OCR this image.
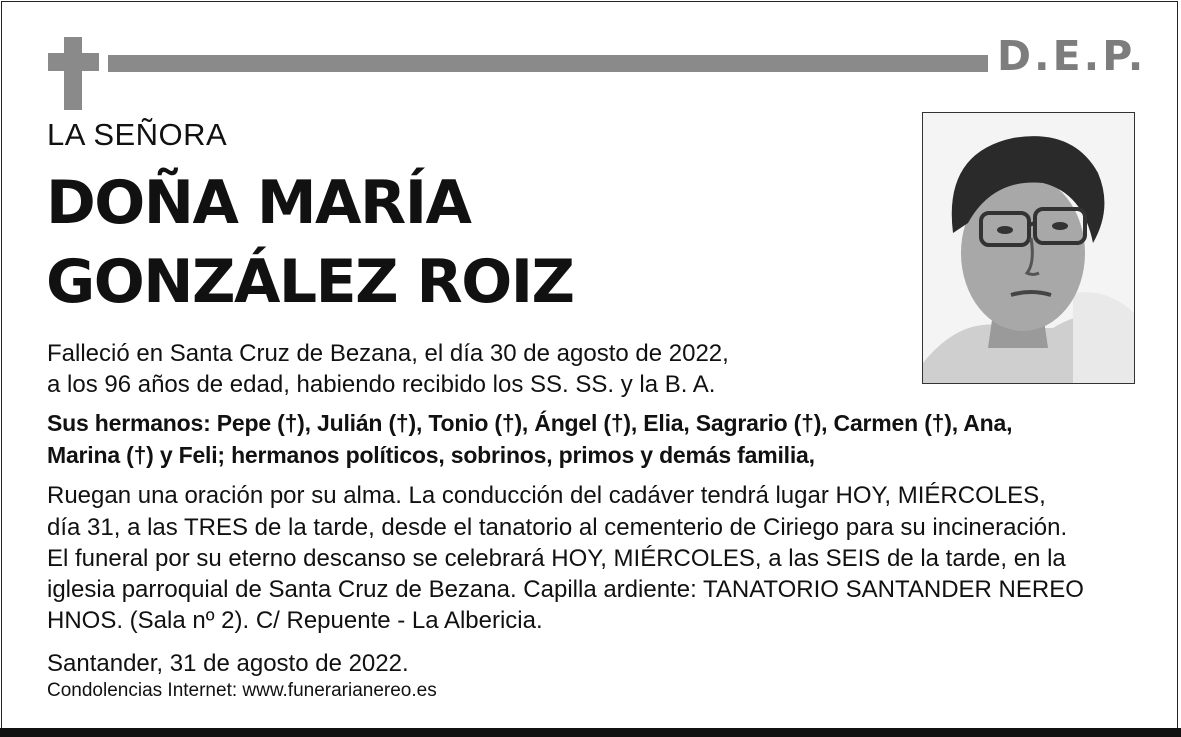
D.E.P.
LA SEÑORA
DOÑA MARÍA
GONZÁLEZ ROIZ
Falleció en Santa Cruz de Bezana, el día 30 de agosto de 2022,
a los 96 años de edad, habiendo recibido los SS. SS. y la B. A.
Sus hermanos: Pepe (†), Julián (†), Tonio (†), Ángel (†), Elia, Sagrario (†), Carmen (†), Ana,
Marina (†) y Feli; hermanos políticos, sobrinos, primos y demás familia,
Ruegan una oración por su alma. La conducción del cadáver tendrá lugar HOY, MIÉRCOLES,
día 31, a las TRES de la tarde, desde el tanatorio al cementerio de Ciriego para su incineración.
El funeral por su eterno descanso se celebrará HOY, MIÉRCOLES, a las SEIS de la tarde, en la
iglesia parroquial de Santa Cruz de Bezana. Capilla ardiente: TANATORIO SANTANDER NEREO
HNOS. (Sala nº 2). C/ Repuente - La Albericia.
Santander, 31 de agosto de 2022.
Condolencias Internet: www.funerarianereo.es
